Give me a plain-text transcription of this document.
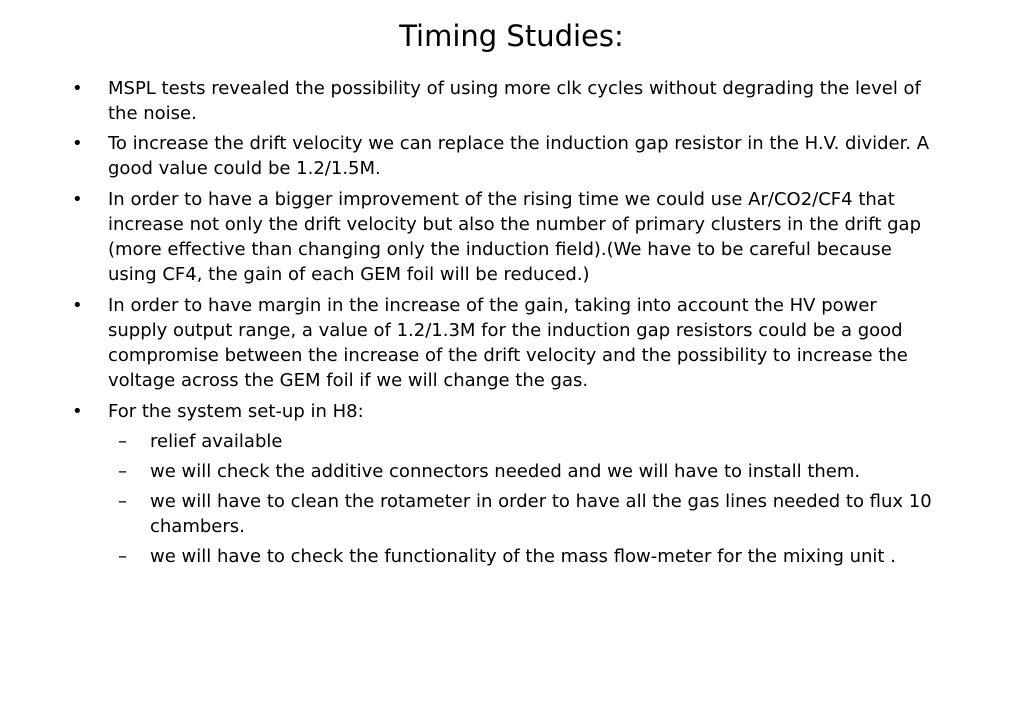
Timing Studies:
• MSPL tests revealed the possibility of using more clk cycles without degrading the level of the noise.
• To increase the drift velocity we can replace the induction gap resistor in the H.V. divider. A good value could be 1.2/1.5M.
• In order to have a bigger improvement of the rising time we could use Ar/CO2/CF4 that increase not only the drift velocity but also the number of primary clusters in the drift gap (more effective than changing only the induction field).(We have to be careful because using CF4, the gain of each GEM foil will be reduced.)
• In order to have margin in the increase of the gain, taking into account the HV power supply output range, a value of 1.2/1.3M for the induction gap resistors could be a good compromise between the increase of the drift velocity and the possibility to increase the voltage across the GEM foil if we will change the gas.
• For the system set-up in H8:
– relief available
– we will check the additive connectors needed and we will have to install them.
– we will have to clean the rotameter in order to have all the gas lines needed to flux 10 chambers.
– we will have to check the functionality of the mass flow-meter for the mixing unit .
